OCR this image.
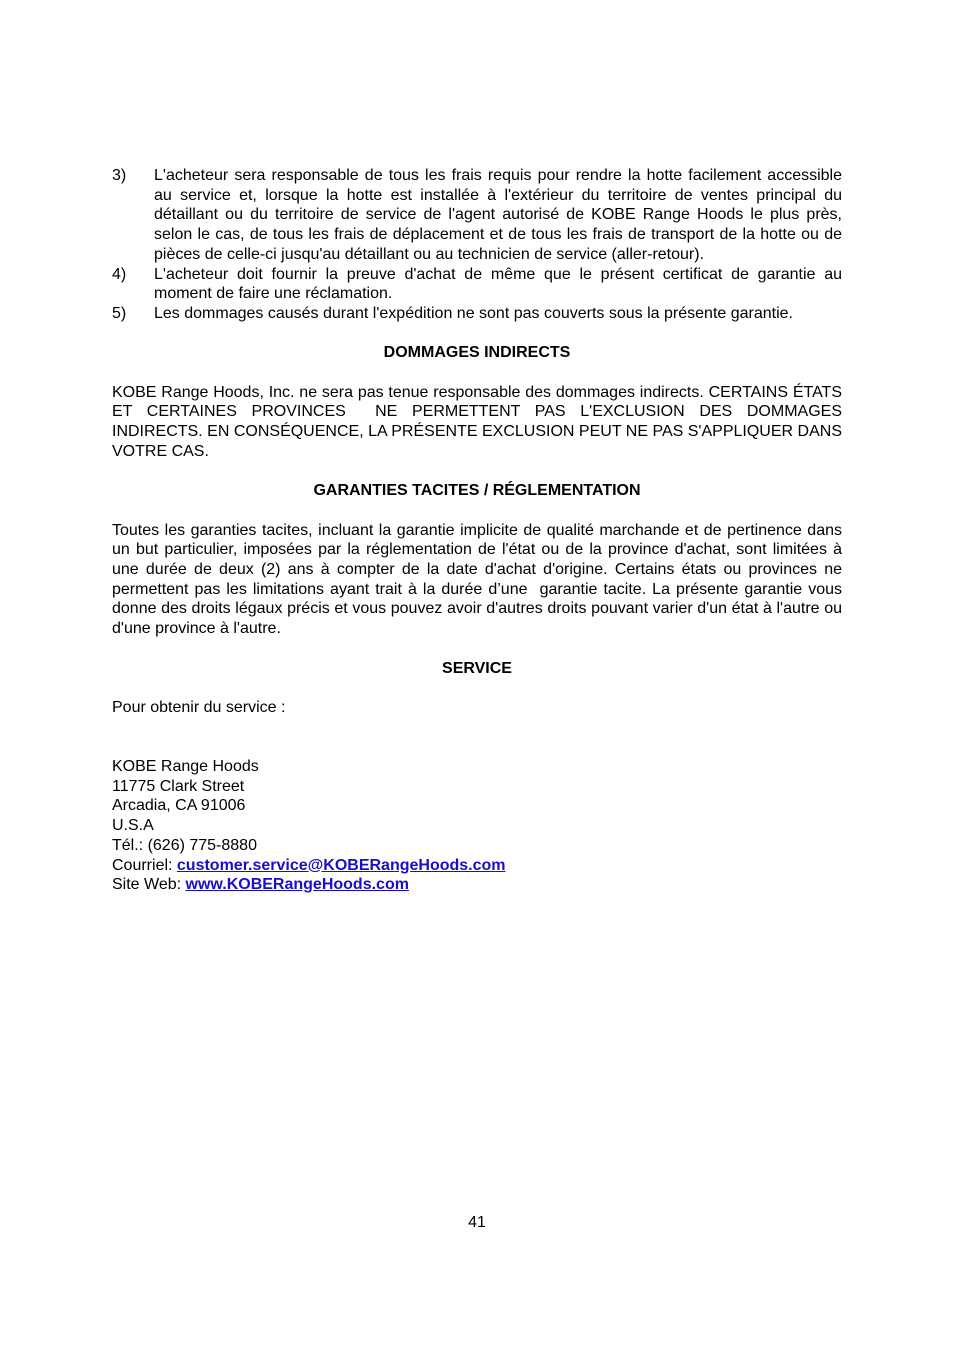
3)	L'acheteur sera responsable de tous les frais requis pour rendre la hotte facilement accessible au service et, lorsque la hotte est installée à l'extérieur du territoire de ventes principal du détaillant ou du territoire de service de l'agent autorisé de KOBE Range Hoods le plus près, selon le cas, de tous les frais de déplacement et de tous les frais de transport de la hotte ou de pièces de celle-ci jusqu'au détaillant ou au technicien de service (aller-retour).
4)	L'acheteur doit fournir la preuve d'achat de même que le présent certificat de garantie au moment de faire une réclamation.
5)	Les dommages causés durant l'expédition ne sont pas couverts sous la présente garantie.
DOMMAGES INDIRECTS

KOBE Range Hoods, Inc. ne sera pas tenue responsable des dommages indirects. CERTAINS ÉTATS ET CERTAINES PROVINCES  NE PERMETTENT PAS L'EXCLUSION DES DOMMAGES INDIRECTS. EN CONSÉQUENCE, LA PRÉSENTE EXCLUSION PEUT NE PAS S'APPLIQUER DANS VOTRE CAS.

GARANTIES TACITES / RÉGLEMENTATION

Toutes les garanties tacites, incluant la garantie implicite de qualité marchande et de pertinence dans un but particulier, imposées par la réglementation de l'état ou de la province d'achat, sont limitées à une durée de deux (2) ans à compter de la date d'achat d'origine. Certains états ou provinces ne permettent pas les limitations ayant trait à la durée d’une  garantie tacite. La présente garantie vous donne des droits légaux précis et vous pouvez avoir d'autres droits pouvant varier d'un état à l'autre ou d'une province à l'autre.

SERVICE

Pour obtenir du service :

KOBE Range Hoods
11775 Clark Street
Arcadia, CA 91006
U.S.A
Tél.: (626) 775-8880
Courriel: customer.service@KOBERangeHoods.com
Site Web: www.KOBERangeHoods.com
41
